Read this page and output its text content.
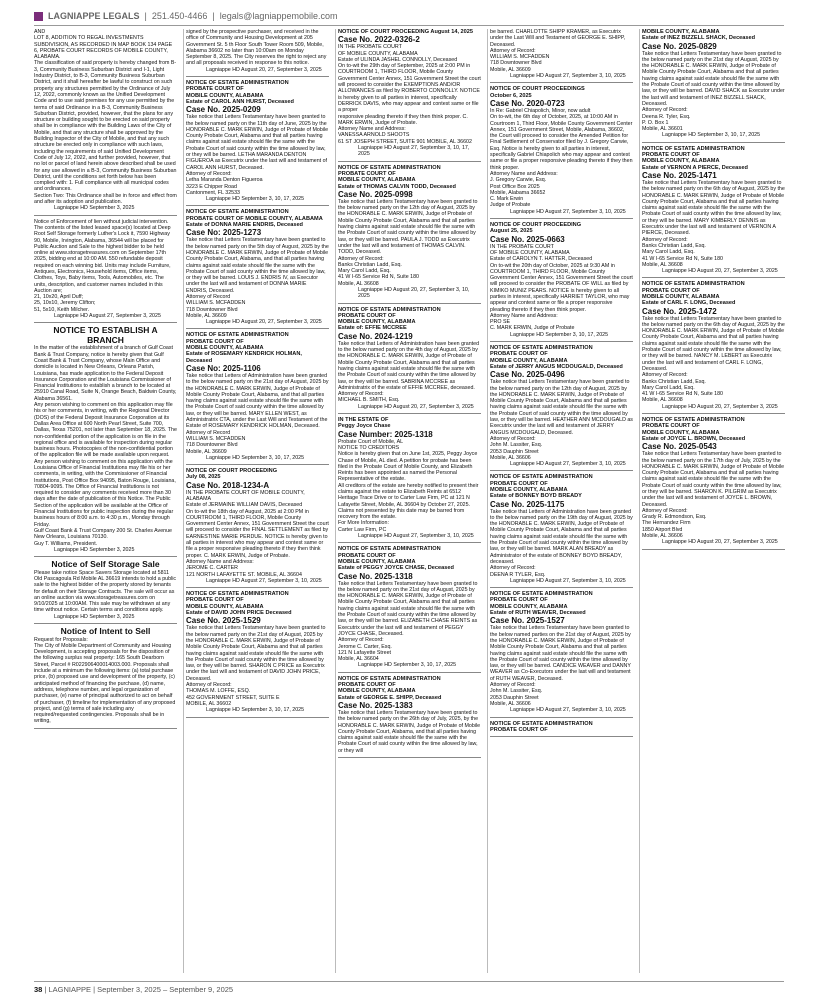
LAGNIAPPE LEGALS | 251.450-4466 | legals@lagniappemobile.com

AND
LOT 8, ADDITION TO REGAL INVESTMENTS SUBDIVISION, AS RECORDED IN MAP BOOK 134 PAGE 6, PROBATE COURT RECORDS OF MOBILE COUNTY, ALABAMA.
The classification of said property is hereby changed from B-3, Community Business Suburban District and I-1, Light Industry District, to B-3, Community Business Suburban District, and it shall hereafter be lawful to construct on such property any structures permitted by the Ordinance of July 12, 2022, commonly known as the Unified Development Code and to use said premises for any use permitted by the terms of said Ordinance in a B-3, Community Business Suburban District, provided, however, that the plans for any structure or building sought to be erected on said property shall be in compliance with the Building Laws of the City of Mobile, and that any structure shall be approved by the Building Inspector of the City of Mobile, and that any such structure be erected only in compliance with such laws, including the requirements of said Unified Development Code of July 12, 2022, and further provided, however, that no lot or parcel of land herein above described shall be used for any use allowed in a B-3, Community Business Suburban District, until the conditions set forth below has been complied with: 1. Full compliance with all municipal codes and ordinances.
Section Two: This Ordinance shall be in force and effect from and after its adoption and publication.

Lagniappe HD September 3, 2025

Notice of Enforcement of lien without judicial intervention.
The contents of the listed leased space(s) located at Deep Root Self Storage formerly Luther's Lock it, 7590 Highway 90, Mobile, Irvington, Alabama, 36544 will be placed for Public Auction and Sale to the highest bidder to be held online at www.storagetreasures.com on September 17th 2025, bidding end at 10:00 AM. 550 refundable deposit required on each winning bid. Units may include Furniture, Antiques, Electronics, Household items, Office items, Clothes, Toys, Baby items, Tools, Automobiles, etc. The units, description, and customer names included in this Auction are;
21, 10x20, April Duff;
25, 10x10, Jeremy Clifton;
51, 5x10, Keith Milcher.

Lagniappe HD August 27, September 3, 2025

NOTICE TO ESTABLISH A BRANCH

In the matter of the establishment of a branch of Gulf Coast Bank & Trust Company, notice is hereby given that Gulf Coast Bank & Trust Company, whose Main Office and domicile is located in New Orleans, Orleans Parish, Louisiana, has made application to the Federal Deposit Insurance Corporation and the Louisiana Commissioner of Financial Institutions to establish a branch to be located at 25910 Canal Road, Suite N, Orange Beach, Baldwin County, Alabama 36561.
Any person wishing to comment on this application may file his or her comments, in writing, with the Regional Director (DOS) of the Federal Deposit Insurance Corporation at its Dallas Area Office at 600 North Pearl Street, Suite 700, Dallas, Texas 75201, not later than September 18, 2025. The non-confidential portion of the application is on file in the regional office and is available for inspection during regular business hours. Photocopies of the non-confidential portion of the application file will be made available upon request.
Any person wishing to comment on this application with the Louisiana Office of Financial Institutions may file his or her comments, in writing, with the Commissioner of Financial Institutions, Post Office Box 94095, Baton Rouge, Louisiana, 70804-9095. The Office of Financial Institutions is not required to consider any comments received more than 30 days after the date of publication of this Notice. The Public Section of the application will be available at the Office of Financial Institutions for public inspection during the regular business hours of 8:00 a.m. to 4:30 p.m., Monday through Friday.
Gulf Coast Bank & Trust Company 200 St. Charles Avenue
New Orleans, Louisiana 70130.
Guy T. Williams, President.

Lagniappe HD September 3, 2025

Notice of Self Storage Sale

Please take notice Space Savers Storage located at 5811 Old Pascagoula Rd Mobile AL 36619 intends to hold a public sale to the highest bidder of the property stored by tenants for default on their Storage Contracts. The sale will occur as an online auction via www.storagetreasures.com on 9/10/2025 at 10:00AM. This sale may be withdrawn at any time without notice. Certain terms and conditions apply.

Lagniappe HD September 3, 2025

Notice of Intent to Sell

Request for Proposals:
The City of Mobile Department of Community and Housing Development, is accepting proposals for the disposition of the following surplus real property: 165 South Dearborn Street, Parcel # R022906400014003.000. Proposals shall include at a minimum the following items: (a) total purchase price, (b) proposed use and development of the property, (c) anticipated method of financing the purchase, (d) name, address, telephone number, and legal organization of purchaser, (e) name of principal authorized to act on behalf of purchaser, (f) timeline for implementation of any proposed project, and (g) terms of sale including any required/requested contingencies. Proposals shall be in writing,

signed by the prospective purchaser, and received in the office of Community and Housing Development at 205 Government St. 5 th Floor South Tower Room 509, Mobile, Alabama 36602 no later than 10:00am on Monday September 8, 2025. The City reserves the right to reject any and all proposals received in response to this notice.

Lagniappe HD August 20, 27, September 3, 2025

NOTICE OF ESTATE ADMINISTRATION
PROBATE COURT OF
MOBILE COUNTY, ALABAMA
Estate of CAROL ANN HURST, Deceased

Case No. 2025-0209

Take notice that Letters Testamentary have been granted to the below named party on the 11th day of June, 2025 by the HONORABLE C. MARK ERWIN, Judge of Probate of Mobile County Probate Court, Alabama and that all parties having claims against said estate should file the same with the Probate Court of said county within the time allowed by law, or they will be barred. LETHA MARANDA DENTON FIGUEROA as Executrix under the last will and testament of CAROL ANN HURST, Deceased.
Attorney of Record:
Letha Maranda Denton Figueroa
3223 E Chipper Road
Cantonment, FL 32533

Lagniappe HD September 3, 10, 17, 2025

NOTICE OF ESTATE ADMINISTRATION
PROBATE COURT OF MOBILE COUNTY, ALABAMA
Estate of DONNA MARIE ENDRIS, Deceased

Case No: 2025-1273

Take notice that Letters Testamentary have been granted to the below named party on the 5th day of August, 2025 by the HONORABLE C. MARK ERWIN, Judge of Probate of Mobile County Probate Court, Alabama, and that all parties having claims against said estate should file the same with the Probate Court of said county within the time allowed by law, or they will be barred. LOUIS J. ENDRIS IV, as Executor under the last will and testament of DONNA MARIE ENDRIS, Deceased.
Attorney of Record
WILLIAM S. MCFADDEN
718 Downtowner Blvd
Mobile, AL 36609

Lagniappe HD August 20, 27, September 3, 2025

NOTICE OF ESTATE ADMINISTRATION
PROBATE COURT OF
MOBILE COUNTY, ALABAMA
Estate of ROSEMARY KENDRICK HOLMAN, Deceased

Case No: 2025-1106

Take notice that Letters of Administration have been granted to the below named party on the 21st day of August, 2025 by the HONORABLE C. MARK ERWIN, Judge of Probate of Mobile County Probate Court, Alabama, and that all parties having claims against said estate should file the same with the Probate Court of said county within the time allowed by law, or they will be barred. MARY ELLEN WEST, as Administratrix CTA, under the Last Will and Testament of the Estate of ROSEMARY KENDRICK HOLMAN, Deceased.
Attorney of Record
WILLIAM S. MCFADDEN
718 Downtowner Blvd
Mobile, AL 36609

Lagniappe HD September 3, 10, 17, 2025

NOTICE OF COURT PROCEEDING
July 08, 2025

Case No. 2018-1234-A

IN THE PROBATE COURT OF MOBILE COUNTY, ALABAMA
Estate of JERMAINE WILLIAM DAVIS, Deceased
On to-wit the 18th day of August, 2025 at 2:00 PM in COURTROOM 1, THIRD FLOOR, Mobile County Government Center Annex, 151 Government Street the court will proceed to consider the FINAL SETTLEMENT as filed by EARNESTINE MARIE PERDUE. NOTICE is hereby given to all parties in interest who may appear and contest same or file a proper responsive pleading thereto if they then think proper. C. MARK ERWIN, Judge of Probate.
Attorney Name and Address:
JEROME C. CARTER
121 NORTH LAFAYETTE ST. MOBILE, AL 36604

Lagniappe HD August 27, September 3, 10, 2025

NOTICE OF ESTATE ADMINISTRATION
PROBATE COURT OF
MOBILE COUNTY, ALABAMA
Estate of DAVID JOHN PRICE Deceased

Case No. 2025-1529

Take notice that Letters Testamentary have been granted to the below named party on the 21st day of August, 2025 by the HONORABLE C. MARK ERWIN, Judge of Probate of Mobile County Probate Court, Alabama and that all parties having claims against said estate should file the same with the Probate Court of said county within the time allowed by law, or they will be barred. SHARON C PRICE as Executrix under the last will and testament of DAVID JOHN PRICE, Deceased.
Attorney of Record:
THOMAS M. LOFFE, ESQ.
452 GOVERNMENT STREET, SUITE E
MOBILE, AL 36602

Lagniappe HD September 3, 10, 17, 2025

NOTICE OF COURT PROCEEDING August 14, 2025

Case No. 2022-0326-2

IN THE PROBATE COURT
OF MOBILE COUNTY, ALABAMA
Estate of ULINDA JASHEL CONNOLLY, Deceased
On to-wit the 29th day of September, 2025 at 2:00 PM in COURTROOM 1, THIRD FLOOR, Mobile County Government Center Annex, 151 Government Street the court will proceed to consider the EXEMPTIONS AND/OR ALLOWANCES as filed by ROBERTO CONNOLLY. NOTICE is hereby given to all parties in interest, specifically DERRICK DAVIS, who may appear and contest same or file a proper
responsive pleading thereto if they then think proper. C. MARK ERWIN, Judge of Probate.
Attorney Name and Address:
VANESSA ARNOLD SHOOTS
61 ST JOSEPH STREET, SUITE 901 MOBILE, AL 36602

Lagniappe HD August 27, September 3, 10, 17, 2025

NOTICE OF ESTATE ADMINISTRATION
PROBATE COURT OF
MOBILE COUNTY, ALABAMA
Estate of THOMAS CALVIN TODD, Deceased

Case No. 2025-0998

Take notice that Letters Testamentary have been granted to the below named party on the 12th day of August, 2025 by the HONORABLE C. MARK ERWIN, Judge of Probate of Mobile County Probate Court, Alabama and that all parties having claims against said estate should file the same with the Probate Court of said county within the time allowed by law, or they will be barred. PAULA J. TODD as Executrix under the last will and testament of THOMAS CALVIN. TODD, Deceased.
Attorney of Record:
Banks Christian Ladd, Esq.
Mary Carol Ladd, Esq.
41 W I-65 Service Rd N, Suite 180
Mobile, AL 36608

Lagniappe HD August 20, 27, September 3, 10, 2025

NOTICE OF ESTATE ADMINISTRATION
PROBATE COURT OF
MOBILE COUNTY, ALABAMA
Estate of: EFFIE MCCREE

Case No. 2024-1219

Take notice that Letters of Administration have been granted to the below named party on the 4th day of August, 2025 by the HONORABLE C. MARK ERWIN, Judge of Probate of Mobile County Probate Court, Alabama and that all parties having claims against said estate should file the same with the Probate Court of said county within the time allowed by law, or they will be barred. SABRINA MCCREE as Administratrix of the estate of EFFIE MCCREE, deceased.
Attorney of Record:
MICHAEL B. SMITH, Esq.

Lagniappe HD August 20, 27, September 3, 2025

IN THE ESTATE OF
Peggy Joyce Chase

Case Number: 2025-1318

Probate Court of Mobile, AL
NOTICE TO CREDITORS
Notice is hereby given that on June 1st, 2025, Peggy Joyce Chase of Mobile, AL died. A petition for probate has been filed in the Probate Court of Mobile County, and Elizabeth Reints has been appointed as named the Personal Representative of the estate.
All creditors of the estate are hereby notified to present their claims against the estate to Elizabeth Reints at 6512 Heritage Trace Drive or to Carter Law Firm, PC at 121 N Lafayette Street, Mobile, AL 36604 by October 27, 2025. Claims not presented by this date may be barred from recovery from the estate.
For More Information:
Carter Law Firm, PC

Lagniappe HD August 27, September 3, 10, 2025

NOTICE OF ESTATE ADMINISTRATION
PROBATE COURT OF
MOBILE COUNTY, ALABAMA
Estate of PEGGY JOYCE CHASE, Deceased

Case No. 2025-1318

Take notice that Letters Testamentary have been granted to the below named party on the 21st day of August, 2025 by the HONORABLE C. MARK ERWIN, Judge of Probate of Mobile County Probate Court, Alabama and that all parties having claims against said estate should file the same with the Probate Court of said county within the time allowed by law, or they will be barred. ELIZABETH CHASE REINTS as Executrix under the last will and testament of PEGGY JOYCE CHASE, Deceased.
Attorney of Record:
Jerome C. Carter, Esq.
121 N Lafayette Street
Mobile, AL 36604

Lagniappe HD September 3, 10, 17, 2025

NOTICE OF ESTATE ADMINISTRATION
PROBATE COURT OF
MOBILE COUNTY, ALABAMA
Estate of GEORGE E. SHIPP, Deceased

Case No. 2025-1383

Take notice that Letters Testamentary have been granted to the below named party on the 26th day of July, 2025, by the HONORABLE C. MARK ERWIN, Judge of Probate of Mobile County Probate Court, Alabama, and that all parties having claims against said estate should file the same with the Probate Court of said county within the time allowed by law, or they will

be barred. CHARLOTTE SHIPP KRAMER, as Executrix under the Last Will and Testament of GEORGE E. SHIPP, Deceased.
Attorney of Record:
WILLIAM S. MCFADDEN
718 Downtowner Blvd
Mobile, AL 36609

Lagniappe HD August 27, September 3, 10, 2025

NOTICE OF COURT PROCEEDINGS
October 6, 2025

Case No. 2020-0723

In Re: Gabriel Chiapolich, Minor, now adult
On to-wit, the 6th day of October, 2025, at 10:00 AM in Courtroom 1, Third Floor, Mobile County Government Center Annex, 151 Government Street, Mobile, Alabama, 36602, the Court will proceed to consider the Amended Petition for Final Settlement of Conservator filed by J. Gregory Carwie, Esq. Notice is hereby given to all parties in interest, specifically Gabriel Chiapolich who may appear and contest same or file a proper responsive pleading thereto if they then think proper.
Attorney Name and Address:
J. Gregory Carwie, Esq.
Post Office Box 2025
Mobile, Alabama 36652
C. Mark Erwin
Judge of Probate

Lagniappe HD August 27, September 3, 10, 2025

NOTICE OF COURT PROCEEDING
August 25, 2025

Case No. 2025-0663

IN THE PROBATE COURT
OF MOBILE COUNTY, ALABAMA
Estate of CAROLYN T. HATTER, Deceased
On to-wit the 20th day of October, 2025 at 9:30 AM in COURTROOM 1, THIRD FLOOR, Mobile County Government Center Annex, 151 Government Street the court will proceed to consider the PROBATE OF WILL as filed by KIMIKO MUNIZ PEARS. NOTICE is hereby given to all parties in interest, specifically HARRIET TAYLOR, who may appear and contest same or file a proper responsive pleading thereto if they then think proper.
Attorney Name and Address:
PRO SE
C. MARK ERWIN, Judge of Probate

Lagniappe HD September 3, 10, 17, 2025

NOTICE OF ESTATE ADMINISTRATION
PROBATE COURT OF
MOBILE COUNTY, ALABAMA
Estate of JERRY ANGUS MCDOUGALD, Deceased

Case No. 2025-0496

Take notice that Letters Testamentary have been granted to the below named party on the 12th day of August, 2025 by the HONORABLE C. MARK ERWIN, Judge of Probate of Mobile County Probate Court, Alabama and that all parties having claims against said estate should file the same with the Probate Court of said county within the time allowed by law, or they will be barred. HEATHER ANN MCDOUGALD as Executrix under the last will and testament of JERRY ANGUS MCDOUGALD, Deceased.
Attorney of Record:
John M. Lassiter, Esq.
2053 Dauphin Street
Mobile, AL 36606

Lagniappe HD August 27, September 3, 10, 2025

NOTICE OF ESTATE ADMINISTRATION
PROBATE COURT OF
MOBILE COUNTY, ALABAMA
Estate of BONNEY BOYD BREADY

Case No. 2025-1175

Take notice that Letters of Administration have been granted to the below named party on the 19th day of August, 2025 by the HONORABLE C. MARK ERWIN, Judge of Probate of Mobile County Probate Court, Alabama and that all parties having claims against said estate should file the same with the Probate Court of said county within the time allowed by law, or they will be barred. MARK ALAN BREADY as Administrator of the estate of BONNEY BOYD BREADY, deceased.
Attorney of Record:
DEENA R TYLER, Esq.

Lagniappe HD August 27, September 3, 10, 2025

NOTICE OF ESTATE ADMINISTRATION
PROBATE COURT OF
MOBILE COUNTY, ALABAMA
Estate of RUTH WEAVER, Deceased

Case No. 2025-1527

Take notice that Letters Testamentary have been granted to the below named parties on the 21st day of August, 2025 by the HONORABLE C. MARK ERWIN, Judge of Probate of Mobile County Probate Court, Alabama and that all parties having claims against said estate should file the same with the Probate Court of said county within the time allowed by law, or they will be barred. CANDICE WEAVER and DANNY WEAVER as Co-Executors under the last will and testament of RUTH WEAVER, Deceased.
Attorney of Record:
John M. Lassiter, Esq.
2053 Dauphin Street
Mobile, AL 36606

Lagniappe HD August 27, September 3, 10, 2025

NOTICE OF ESTATE ADMINISTRATION
PROBATE COURT OF

MOBILE COUNTY, ALABAMA
Estate of INEZ BIZZELL SHACK, Deceased

Case No. 2025-0829

Take notice that Letters Testamentary have been granted to the below named party on the 21st day of August, 2025 by the HONORABLE C. MARK ERWIN, Judge of Probate of Mobile County Probate Court, Alabama and that all parties having claims against said estate should file the same with the Probate Court of said county within the time allowed by law, or they will be barred. DAVID SHACK as Executor under the last will and testament of INEZ BIZZELL SHACK, Deceased.
Attorney of Record:
Deena R. Tyler, Esq.
P. O. Box 1
Mobile, AL 36601

Lagniappe HD September 3, 10, 17, 2025

NOTICE OF ESTATE ADMINISTRATION
PROBATE COURT OF
MOBILE COUNTY, ALABAMA
Estate of VERNON A PIERCE, Deceased

Case No. 2025-1471

Take notice that Letters Testamentary have been granted to the below named party on the 6th day of August, 2025 by the HONORABLE C. MARK ERWIN, Judge of Probate of Mobile County Probate Court, Alabama and that all parties having claims against said estate should file the same with the Probate Court of said county within the time allowed by law, or they will be barred. MARY KIMBERLY DENNIS as Executrix under the last will and testament of VERNON A PIERCE, Deceased.
Attorney of Record:
Banks Christian Ladd, Esq.
Mary Carol Ladd, Esq.
41 W I-65 Service Rd N, Suite 180
Mobile, AL 36608

Lagniappe HD August 20, 27, September 3, 2025

NOTICE OF ESTATE ADMINISTRATION
PROBATE COURT OF
MOBILE COUNTY, ALABAMA
Estate of CARL F. LONG, Deceased

Case No. 2025-1472

Take notice that Letters Testamentary have been granted to the below named party on the 6th day of August, 2025 by the HONORABLE C. MARK ERWIN, Judge of Probate of Mobile County Probate Court, Alabama and that all parties having claims against said estate should file the same with the Probate Court of said county within the time allowed by law, or they will be barred. NANCY M. LEBERT as Executrix under the last will and testament of CARL F. LONG, Deceased.
Attorney of Record:
Banks Christian Ladd, Esq.
Mary Carol Ladd, Esq.
41 W I-65 Service Rd N, Suite 180
Mobile, AL 36608

Lagniappe HD August 20, 27, September 3, 2025

NOTICE OF ESTATE ADMINISTRATION
PROBATE COURT OF
MOBILE COUNTY, ALABAMA
Estate of JOYCE L. BROWN, Deceased

Case No. 2025-0543

Take notice that Letters Testamentary have been granted to the below named party on the 17th day of July, 2025 by the HONORABLE C. MARK ERWIN, Judge of Probate of Mobile County Probate Court, Alabama and that all parties having claims against said estate should file the same with the Probate Court of said county within the time allowed by law, or they will be barred. SHARON K. PILGRIM as Executrix under the last will and testament of JOYCE L. BROWN, Deceased.
Attorney of Record:
Grady R. Edmondson, Esq.
The Hernandez Firm
1850 Airport Blvd
Mobile, AL 36606

Lagniappe HD August 20, 27, September 3, 2025

38 | LAGNIAPPE | September 3, 2025 – September 9, 2025
